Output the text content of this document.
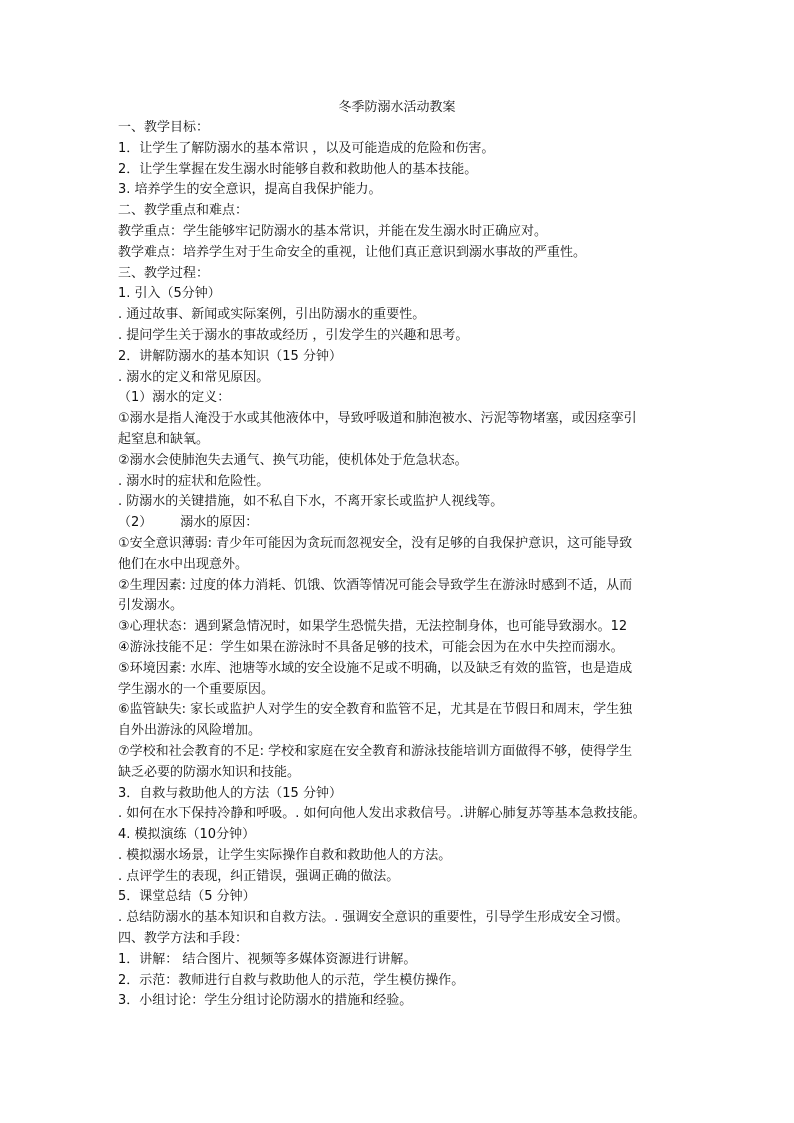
冬季防溺水活动教案
一、教学目标：
1．让学生了解防溺水的基本常识 ，以及可能造成的危险和伤害。
2．让学生掌握在发生溺水时能够自救和救助他人的基本技能。
3. 培养学生的安全意识，提高自我保护能力。
二、教学重点和难点：
教学重点：学生能够牢记防溺水的基本常识，并能在发生溺水时正确应对。
教学难点：培养学生对于生命安全的重视，让他们真正意识到溺水事故的严重性。
三、教学过程：
1. 引入（5分钟）
. 通过故事、新闻或实际案例，引出防溺水的重要性。
. 提问学生关于溺水的事故或经历 ，引发学生的兴趣和思考。
2．讲解防溺水的基本知识（15 分钟）
. 溺水的定义和常见原因。
（1）溺水的定义：
①溺水是指人淹没于水或其他液体中，导致呼吸道和肺泡被水、污泥等物堵塞，或因痉挛引
起窒息和缺氧。
②溺水会使肺泡失去通气、换气功能，使机体处于危急状态。
. 溺水时的症状和危险性。
. 防溺水的关键措施，如不私自下水，不离开家长或监护人视线等。
（2） 溺水的原因：
①安全意识薄弱: 青少年可能因为贪玩而忽视安全，没有足够的自我保护意识，这可能导致
他们在水中出现意外。
②生理因素: 过度的体力消耗、饥饿、饮酒等情况可能会导致学生在游泳时感到不适，从而
引发溺水。
③心理状态：遇到紧急情况时，如果学生恐慌失措，无法控制身体，也可能导致溺水。12
④游泳技能不足：学生如果在游泳时不具备足够的技术，可能会因为在水中失控而溺水。
⑤环境因素: 水库、池塘等水域的安全设施不足或不明确，以及缺乏有效的监管，也是造成
学生溺水的一个重要原因。
⑥监管缺失: 家长或监护人对学生的安全教育和监管不足，尤其是在节假日和周末，学生独
自外出游泳的风险增加。
⑦学校和社会教育的不足: 学校和家庭在安全教育和游泳技能培训方面做得不够，使得学生
缺乏必要的防溺水知识和技能。
3．自救与救助他人的方法（15 分钟）
. 如何在水下保持冷静和呼吸。. 如何向他人发出求救信号。.讲解心肺复苏等基本急救技能。
4. 模拟演练（10分钟）
. 模拟溺水场景，让学生实际操作自救和救助他人的方法。
. 点评学生的表现，纠正错误，强调正确的做法。
5．课堂总结（5 分钟）
. 总结防溺水的基本知识和自救方法。. 强调安全意识的重要性，引导学生形成安全习惯。
四、教学方法和手段：
1．讲解： 结合图片、视频等多媒体资源进行讲解。
2．示范：教师进行自救与救助他人的示范，学生模仿操作。
3．小组讨论：学生分组讨论防溺水的措施和经验。
